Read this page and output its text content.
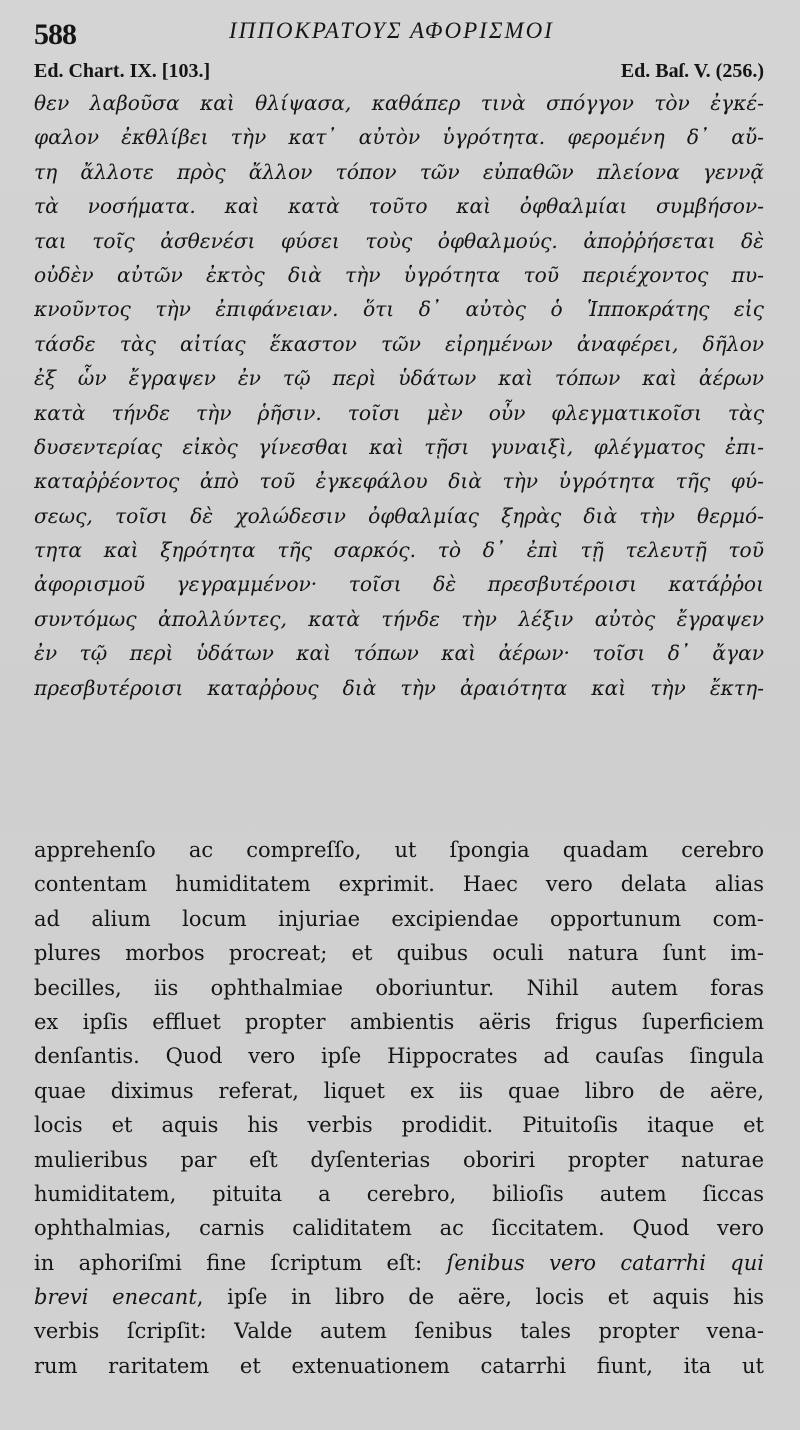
588	ΙΠΠΟΚΡΑΤΟΥΣ ΑΦΟΡΙΣΜΟΙ
Ed. Chart. IX. [103.]	Ed. Baſ. V. (256.)
θεν λαβοῦσα καὶ θλίψασα, καθάπερ τινὰ σπόγγον τὸν ἐγκέ-
φαλον ἐκθλίβει τὴν κατ᾽ αὐτὸν ὑγρότητα. φερομένη δ᾽ αὔ-
τη ἄλλοτε πρὸς ἄλλον τόπον τῶν εὐπαθῶν πλείονα γεννᾷ
τὰ νοσήματα. καὶ κατὰ τοῦτο καὶ ὀφθαλμίαι συμβήσον-
ται τοῖς ἀσθενέσι φύσει τοὺς ὀφθαλμούς. ἀποῤῥήσεται δὲ
οὐδὲν αὐτῶν ἐκτὸς διὰ τὴν ὑγρότητα τοῦ περιέχοντος πυ-
κνοῦντος τὴν ἐπιφάνειαν. ὅτι δ᾽ αὐτὸς ὁ Ἱπποκράτης εἰς
τάσδε τὰς αἰτίας ἕκαστον τῶν εἰρημένων ἀναφέρει, δῆλον
ἐξ ὧν ἔγραψεν ἐν τῷ περὶ ὑδάτων καὶ τόπων καὶ ἀέρων
κατὰ τήνδε τὴν ῥῆσιν. τοῖσι μὲν οὖν φλεγματικοῖσι τὰς
δυσεντερίας εἰκὸς γίνεσθαι καὶ τῇσι γυναιξὶ, φλέγματος ἐπι-
καταῤῥέοντος ἀπὸ τοῦ ἐγκεφάλου διὰ τὴν ὑγρότητα τῆς φύ-
σεως, τοῖσι δὲ χολώδεσιν ὀφθαλμίας ξηρὰς διὰ τὴν θερμό-
τητα καὶ ξηρότητα τῆς σαρκός. τὸ δ᾽ ἐπὶ τῇ τελευτῇ τοῦ
ἀφορισμοῦ γεγραμμένον· τοῖσι δὲ πρεσβυτέροισι κατάῤῥοι
συντόμως ἀπολλύντες, κατὰ τήνδε τὴν λέξιν αὐτὸς ἔγραψεν
ἐν τῷ περὶ ὑδάτων καὶ τόπων καὶ ἀέρων· τοῖσι δ᾽ ἄγαν
πρεσβυτέροισι καταῤῥους διὰ τὴν ἀραιότητα καὶ τὴν ἔκτη-
apprehenſo ac compreſſo, ut ſpongia quadam cerebro
contentam humiditatem exprimit. Haec vero delata alias
ad alium locum injuriae excipiendae opportunum com-
plures morbos procreat; et quibus oculi natura ſunt im-
becilles, iis ophthalmiae oboriuntur. Nihil autem foras
ex ipſis effluet propter ambientis aëris frigus ſuperficiem
denſantis. Quod vero ipſe Hippocrates ad cauſas ſingula
quae diximus referat, liquet ex iis quae libro de aëre,
locis et aquis his verbis prodidit. Pituitoſis itaque et
mulieribus par eſt dyſenterias oboriri propter naturae
humiditatem, pituita a cerebro, bilioſis autem ſiccas
ophthalmias, carnis caliditatem ac ſiccitatem. Quod vero
in aphoriſmi fine ſcriptum eſt: ſenibus vero catarrhi qui
brevi enecant, ipſe in libro de aëre, locis et aquis his
verbis ſcripſit: Valde autem ſenibus tales propter vena-
rum raritatem et extenuationem catarrhi fiunt, ita ut
